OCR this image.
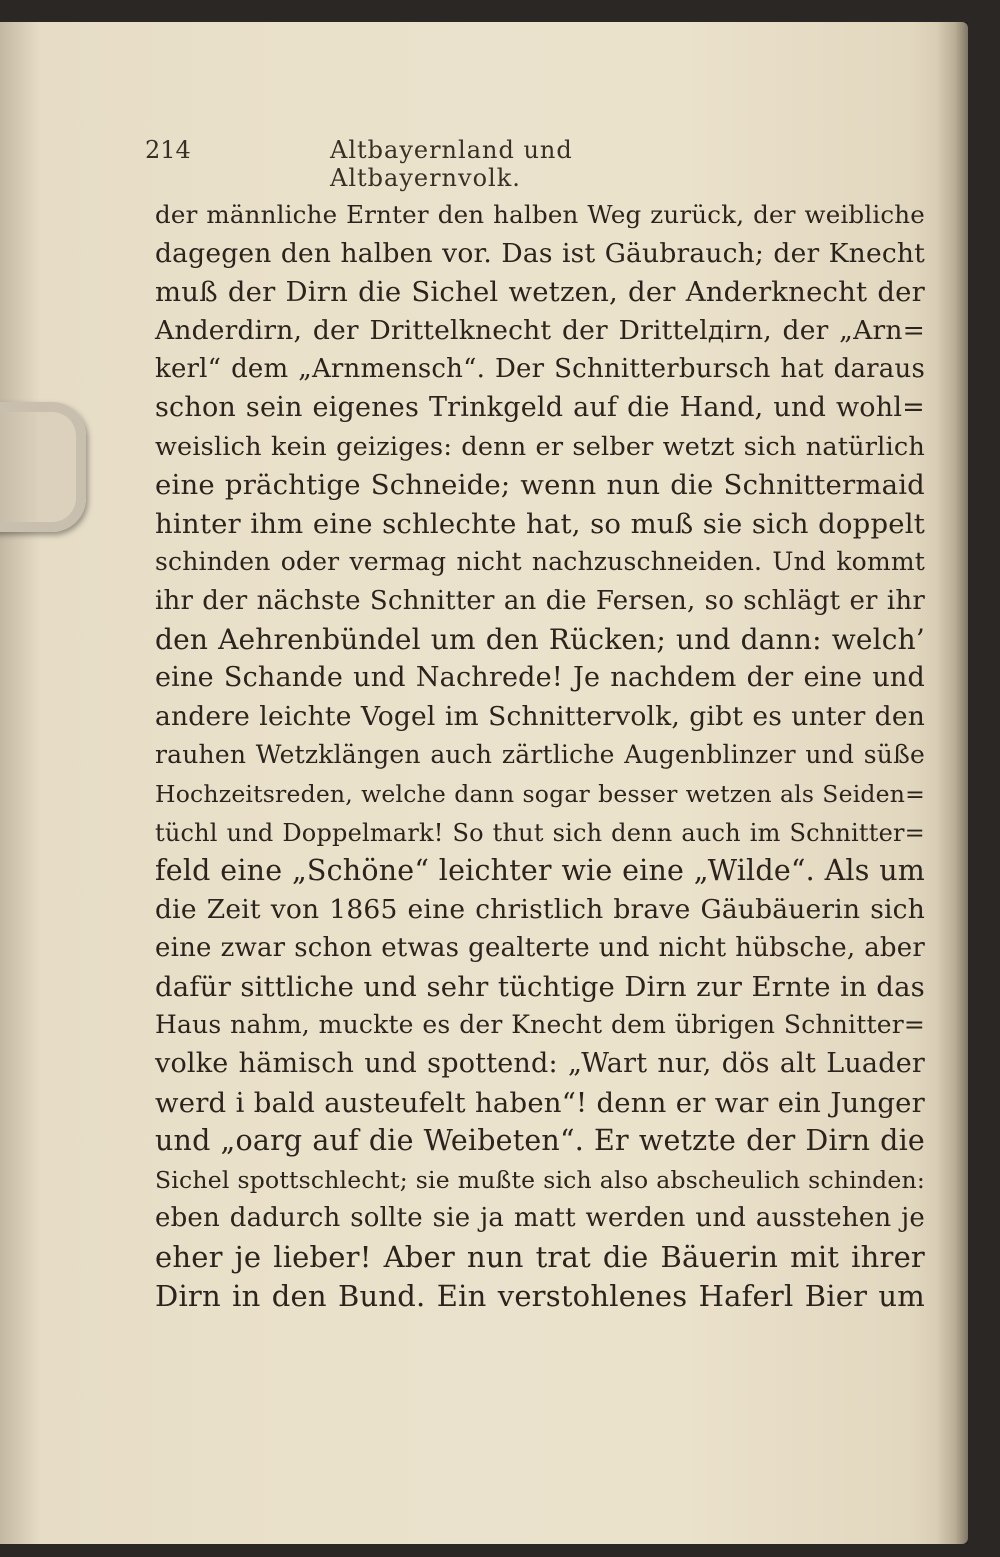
214	Altbayernland und Altbayernvolk.
der männliche Ernter den halben Weg zurück, der weibliche
dagegen den halben vor. Das ist Gäubrauch; der Knecht
muß der Dirn die Sichel wetzen, der Anderknecht der
Anderdirn, der Drittelknecht der Drittelдirn, der „Arn=
kerl“ dem „Arnmensch“. Der Schnitterbursch hat daraus
schon sein eigenes Trinkgeld auf die Hand, und wohl=
weislich kein geiziges: denn er selber wetzt sich natürlich
eine prächtige Schneide; wenn nun die Schnittermaid
hinter ihm eine schlechte hat, so muß sie sich doppelt
schinden oder vermag nicht nachzuschneiden. Und kommt
ihr der nächste Schnitter an die Fersen, so schlägt er ihr
den Aehrenbündel um den Rücken; und dann: welch’
eine Schande und Nachrede! Je nachdem der eine und
andere leichte Vogel im Schnittervolk, gibt es unter den
rauhen Wetzklängen auch zärtliche Augenblinzer und süße
Hochzeitsreden, welche dann sogar besser wetzen als Seiden=
tüchl und Doppelmark! So thut sich denn auch im Schnitter=
feld eine „Schöne“ leichter wie eine „Wilde“. Als um
die Zeit von 1865 eine christlich brave Gäubäuerin sich
eine zwar schon etwas gealterte und nicht hübsche, aber
dafür sittliche und sehr tüchtige Dirn zur Ernte in das
Haus nahm, muckte es der Knecht dem übrigen Schnitter=
volke hämisch und spottend: „Wart nur, dös alt Luader
werd i bald austeufelt haben“! denn er war ein Junger
und „oarg auf die Weibeten“. Er wetzte der Dirn die
Sichel spottschlecht; sie mußte sich also abscheulich schinden:
eben dadurch sollte sie ja matt werden und ausstehen je
eher je lieber! Aber nun trat die Bäuerin mit ihrer
Dirn in den Bund. Ein verstohlenes Haferl Bier um
